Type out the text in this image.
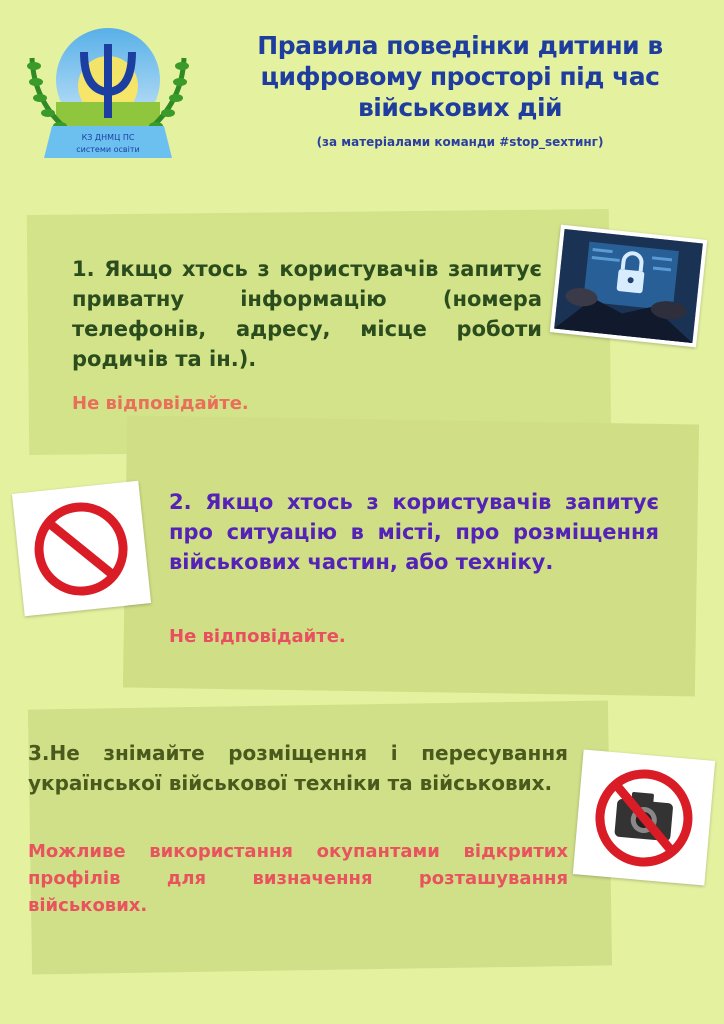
КЗ ДНМЦ ПС
системи освіти
Правила поведінки дитини в
цифровому просторі під час
військових дій
(за матеріалами команди #stop_sexтинг)
1. Якщо хтось з користувачів запитує приватну інформацію (номера телефонів, адресу, місце роботи родичів та ін.).
Не відповідайте.
2. Якщо хтось з користувачів запитує про ситуацію в місті, про розміщення військових частин, або техніку.
Не відповідайте.
3.Не знімайте розміщення і пересування української військової техніки та військових.
Можливе використання окупантами відкритих профілів для визначення розташування військових.
